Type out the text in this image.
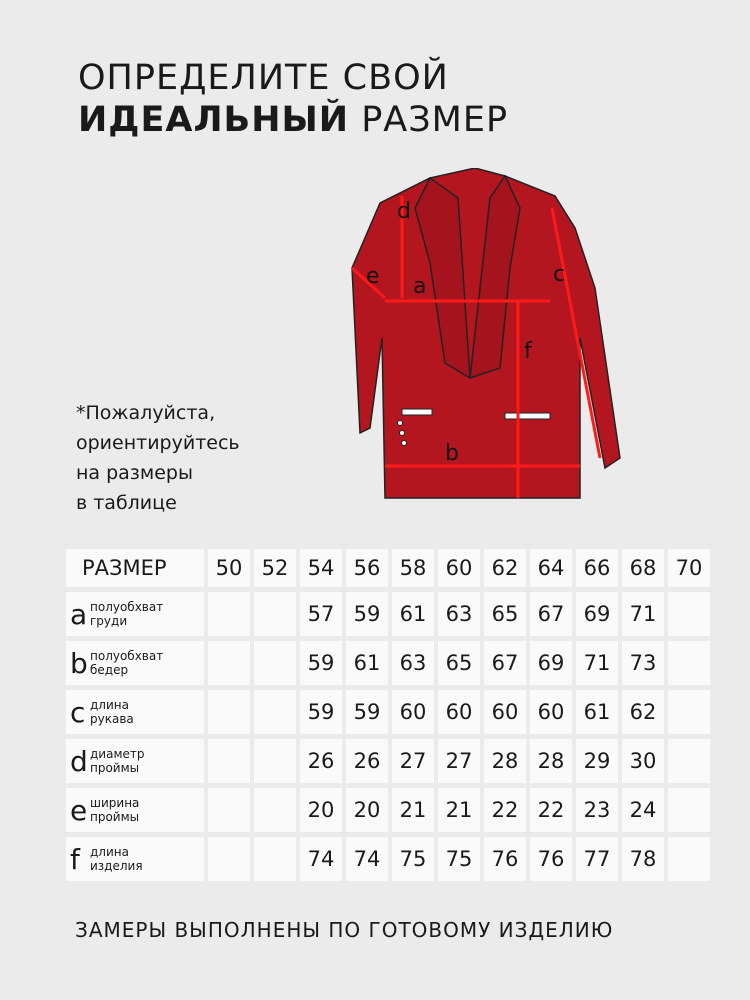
ОПРЕДЕЛИТЕ СВОЙ
ИДЕАЛЬНЫЙ РАЗМЕР
*Пожалуйста,
ориентируйтесь
на размеры
в таблице
a
b
c
d
e
f
РАЗМЕР	50	52	54	56	58	60	62	64	66	68	70
a полуобхват
груди			57	59	61	63	65	67	69	71	
b полуобхват
бедер			59	61	63	65	67	69	71	73	
c длина
рукава			59	59	60	60	60	60	61	62	
d диаметр
проймы			26	26	27	27	28	28	29	30	
e ширина
проймы			20	20	21	21	22	22	23	24	
f длина
изделия			74	74	75	75	76	76	77	78	
ЗАМЕРЫ ВЫПОЛНЕНЫ ПО ГОТОВОМУ ИЗДЕЛИЮ
